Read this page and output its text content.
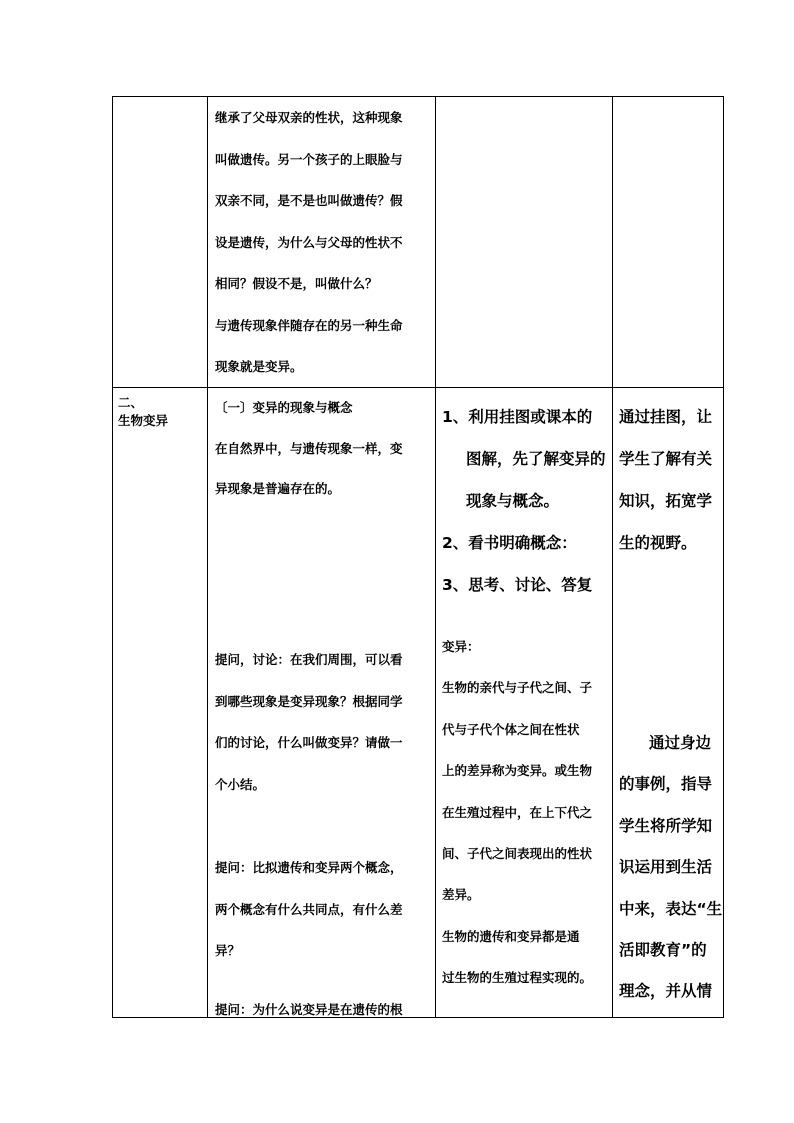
继承了父母双亲的性状，这种现象
叫做遗传。另一个孩子的上眼脸与
双亲不同，是不是也叫做遗传？假
设是遗传，为什么与父母的性状不
相同？假设不是，叫做什么？
与遗传现象伴随存在的另一种生命
现象就是变异。
二、
生物变异
〔一〕变异的现象与概念
在自然界中，与遗传现象一样，变
异现象是普遍存在的。
提问，讨论：在我们周围，可以看
到哪些现象是变异现象？根据同学
们的讨论，什么叫做变异？请做一
个小结。
提问：比拟遗传和变异两个概念，
两个概念有什么共同点，有什么差
异？
提问：为什么说变异是在遗传的根
1、利用挂图或课本的
图解，先了解变异的
现象与概念。
2、看书明确概念：
3、思考、讨论、答复
变异：
生物的亲代与子代之间、子
代与子代个体之间在性状
上的差异称为变异。或生物
在生殖过程中，在上下代之
间、子代之间表现出的性状
差异。
生物的遗传和变异都是通
过生物的生殖过程实现的。
通过挂图，让
学生了解有关
知识，拓宽学
生的视野。
通过身边
的事例，指导
学生将所学知
识运用到生活
中来，表达“生
活即教育”的
理念，并从情
